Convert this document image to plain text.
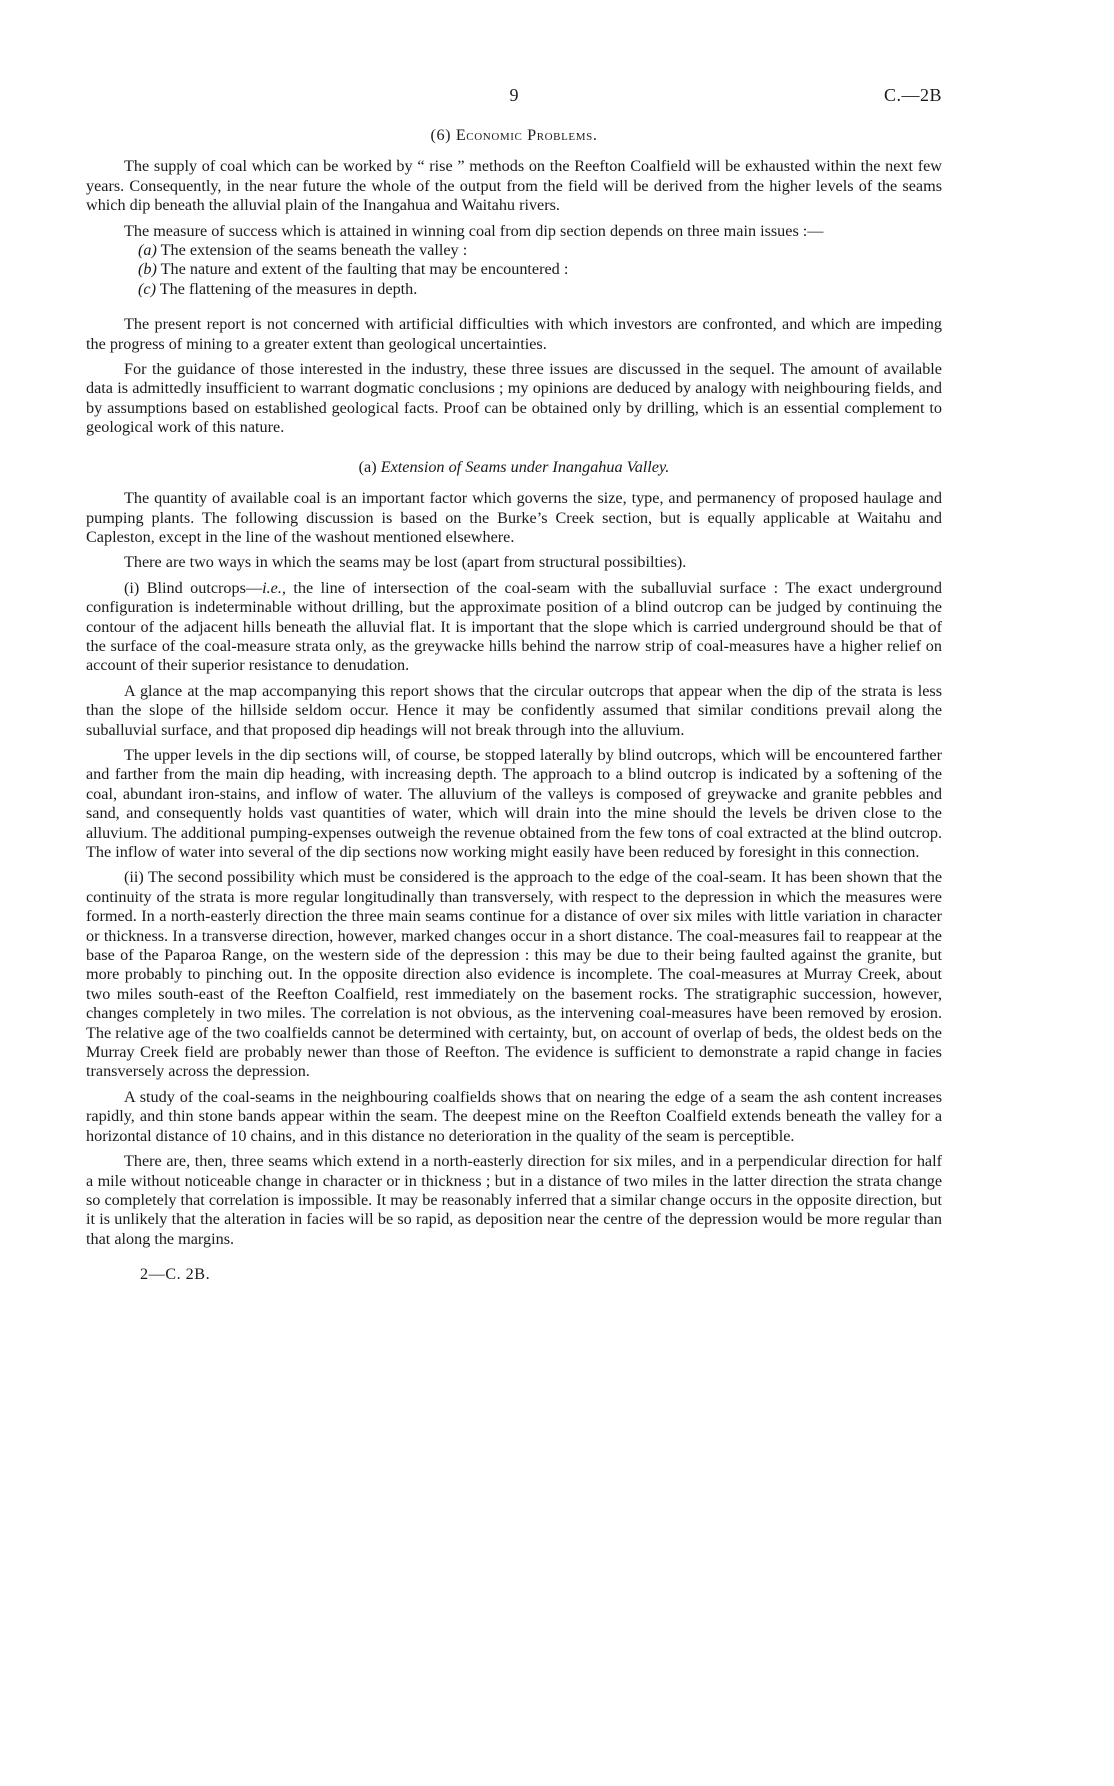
9	C.—2B
(6) Economic Problems.

The supply of coal which can be worked by “ rise ” methods on the Reefton Coalfield will be exhausted within the next few years. Consequently, in the near future the whole of the output from the field will be derived from the higher levels of the seams which dip beneath the alluvial plain of the Inangahua and Waitahu rivers.

The measure of success which is attained in winning coal from dip section depends on three main issues :—

(a) The extension of the seams beneath the valley :
(b) The nature and extent of the faulting that may be encountered :
(c) The flattening of the measures in depth.

The present report is not concerned with artificial difficulties with which investors are confronted, and which are impeding the progress of mining to a greater extent than geological uncertainties.

For the guidance of those interested in the industry, these three issues are discussed in the sequel. The amount of available data is admittedly insufficient to warrant dogmatic conclusions ; my opinions are deduced by analogy with neighbouring fields, and by assumptions based on established geological facts. Proof can be obtained only by drilling, which is an essential complement to geological work of this nature.

(a) Extension of Seams under Inangahua Valley.

The quantity of available coal is an important factor which governs the size, type, and permanency of proposed haulage and pumping plants. The following discussion is based on the Burke’s Creek section, but is equally applicable at Waitahu and Capleston, except in the line of the washout mentioned elsewhere.

There are two ways in which the seams may be lost (apart from structural possibilties).

(i) Blind outcrops—i.e., the line of intersection of the coal-seam with the suballuvial surface : The exact underground configuration is indeterminable without drilling, but the approximate position of a blind outcrop can be judged by continuing the contour of the adjacent hills beneath the alluvial flat. It is important that the slope which is carried underground should be that of the surface of the coal-measure strata only, as the greywacke hills behind the narrow strip of coal-measures have a higher relief on account of their superior resistance to denudation.

A glance at the map accompanying this report shows that the circular outcrops that appear when the dip of the strata is less than the slope of the hillside seldom occur. Hence it may be confidently assumed that similar conditions prevail along the suballuvial surface, and that proposed dip headings will not break through into the alluvium.

The upper levels in the dip sections will, of course, be stopped laterally by blind outcrops, which will be encountered farther and farther from the main dip heading, with increasing depth. The approach to a blind outcrop is indicated by a softening of the coal, abundant iron-stains, and inflow of water. The alluvium of the valleys is composed of greywacke and granite pebbles and sand, and consequently holds vast quantities of water, which will drain into the mine should the levels be driven close to the alluvium. The additional pumping-expenses outweigh the revenue obtained from the few tons of coal extracted at the blind outcrop. The inflow of water into several of the dip sections now working might easily have been reduced by foresight in this connection.

(ii) The second possibility which must be considered is the approach to the edge of the coal-seam. It has been shown that the continuity of the strata is more regular longitudinally than transversely, with respect to the depression in which the measures were formed. In a north-easterly direction the three main seams continue for a distance of over six miles with little variation in character or thickness. In a transverse direction, however, marked changes occur in a short distance. The coal-measures fail to reappear at the base of the Paparoa Range, on the western side of the depression : this may be due to their being faulted against the granite, but more probably to pinching out. In the opposite direction also evidence is incomplete. The coal-measures at Murray Creek, about two miles south-east of the Reefton Coalfield, rest immediately on the basement rocks. The stratigraphic succession, however, changes completely in two miles. The correlation is not obvious, as the intervening coal-measures have been removed by erosion. The relative age of the two coalfields cannot be determined with certainty, but, on account of overlap of beds, the oldest beds on the Murray Creek field are probably newer than those of Reefton. The evidence is sufficient to demonstrate a rapid change in facies transversely across the depression.

A study of the coal-seams in the neighbouring coalfields shows that on nearing the edge of a seam the ash content increases rapidly, and thin stone bands appear within the seam. The deepest mine on the Reefton Coalfield extends beneath the valley for a horizontal distance of 10 chains, and in this distance no deterioration in the quality of the seam is perceptible.

There are, then, three seams which extend in a north-easterly direction for six miles, and in a perpendicular direction for half a mile without noticeable change in character or in thickness ; but in a distance of two miles in the latter direction the strata change so completely that correlation is impossible. It may be reasonably inferred that a similar change occurs in the opposite direction, but it is unlikely that the alteration in facies will be so rapid, as deposition near the centre of the depression would be more regular than that along the margins.

2—C. 2B.
